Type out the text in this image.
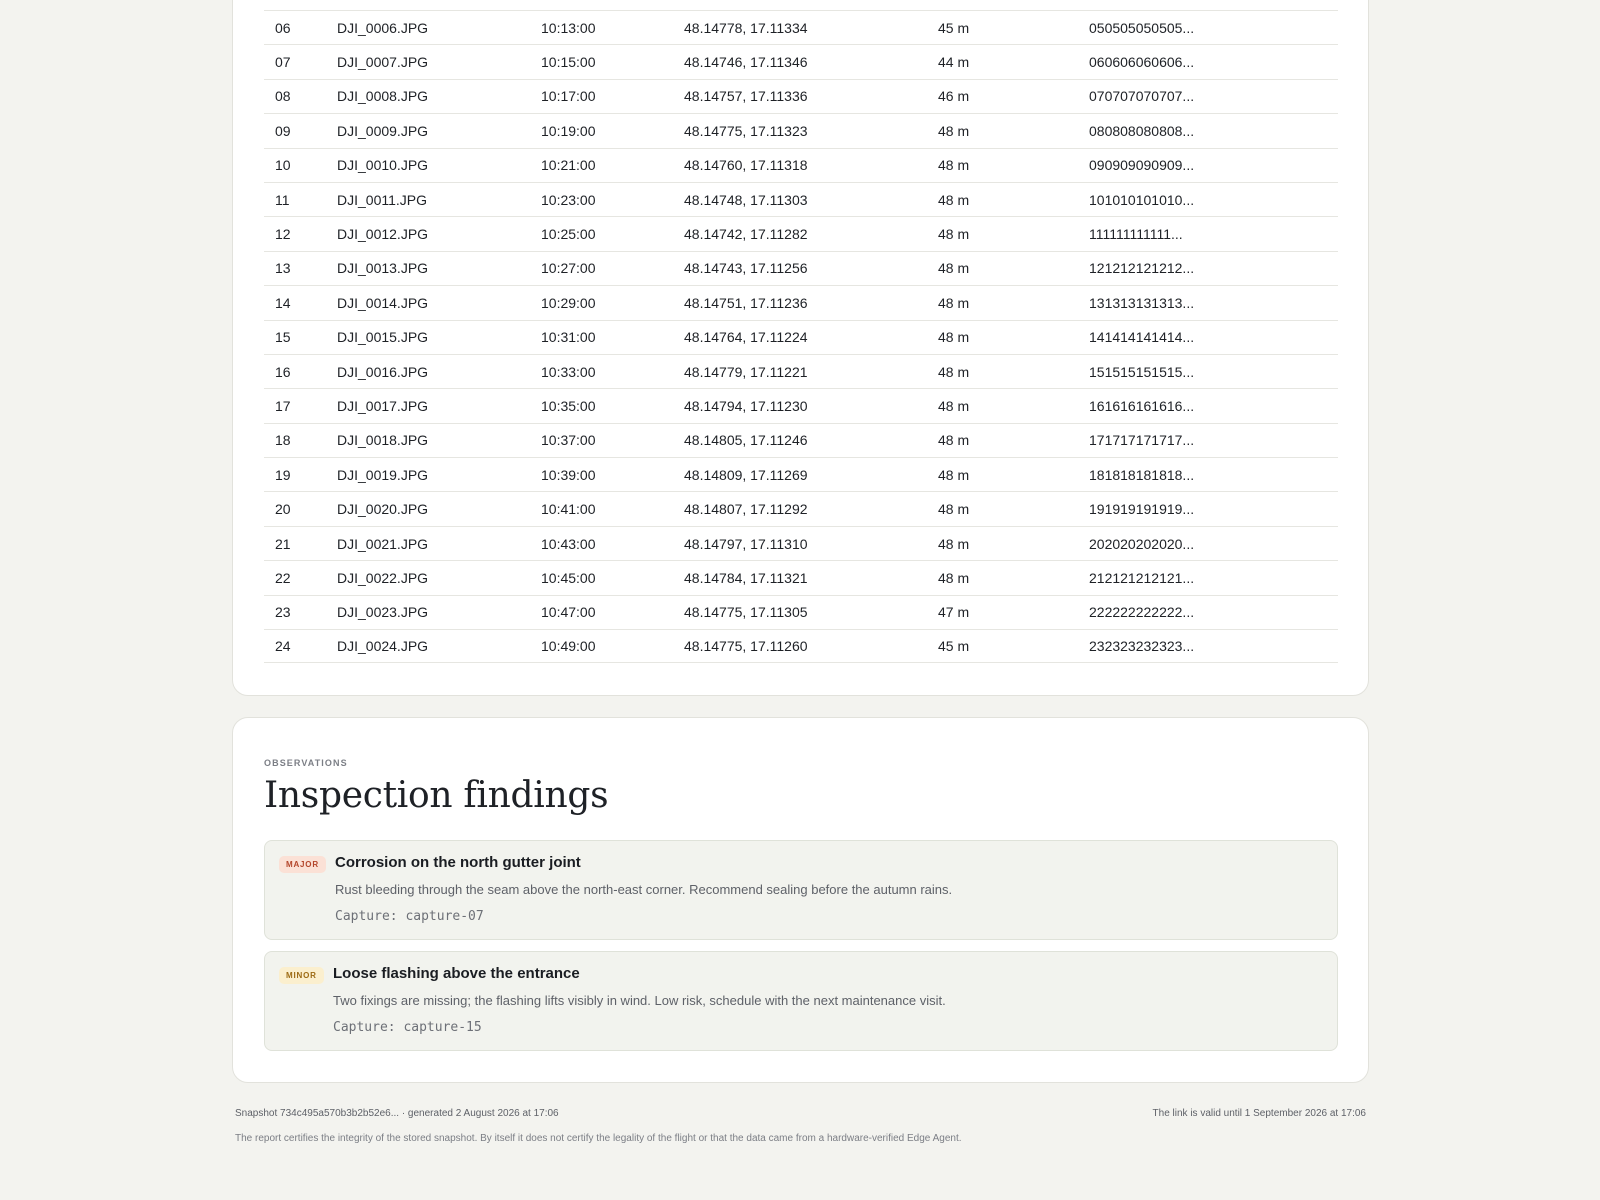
06	DJI_0006.JPG	10:13:00	48.14778, 17.11334	45 m	050505050505...
07	DJI_0007.JPG	10:15:00	48.14746, 17.11346	44 m	060606060606...
08	DJI_0008.JPG	10:17:00	48.14757, 17.11336	46 m	070707070707...
09	DJI_0009.JPG	10:19:00	48.14775, 17.11323	48 m	080808080808...
10	DJI_0010.JPG	10:21:00	48.14760, 17.11318	48 m	090909090909...
11	DJI_0011.JPG	10:23:00	48.14748, 17.11303	48 m	101010101010...
12	DJI_0012.JPG	10:25:00	48.14742, 17.11282	48 m	111111111111...
13	DJI_0013.JPG	10:27:00	48.14743, 17.11256	48 m	121212121212...
14	DJI_0014.JPG	10:29:00	48.14751, 17.11236	48 m	131313131313...
15	DJI_0015.JPG	10:31:00	48.14764, 17.11224	48 m	141414141414...
16	DJI_0016.JPG	10:33:00	48.14779, 17.11221	48 m	151515151515...
17	DJI_0017.JPG	10:35:00	48.14794, 17.11230	48 m	161616161616...
18	DJI_0018.JPG	10:37:00	48.14805, 17.11246	48 m	171717171717...
19	DJI_0019.JPG	10:39:00	48.14809, 17.11269	48 m	181818181818...
20	DJI_0020.JPG	10:41:00	48.14807, 17.11292	48 m	191919191919...
21	DJI_0021.JPG	10:43:00	48.14797, 17.11310	48 m	202020202020...
22	DJI_0022.JPG	10:45:00	48.14784, 17.11321	48 m	212121212121...
23	DJI_0023.JPG	10:47:00	48.14775, 17.11305	47 m	222222222222...
24	DJI_0024.JPG	10:49:00	48.14775, 17.11260	45 m	232323232323...
OBSERVATIONS
Inspection findings
MAJOR	Corrosion on the north gutter joint
Rust bleeding through the seam above the north-east corner. Recommend sealing before the autumn rains.
Capture: capture-07
MINOR	Loose flashing above the entrance
Two fixings are missing; the flashing lifts visibly in wind. Low risk, schedule with the next maintenance visit.
Capture: capture-15
Snapshot 734c495a570b3b2b52e6... · generated 2 August 2026 at 17:06	The link is valid until 1 September 2026 at 17:06
The report certifies the integrity of the stored snapshot. By itself it does not certify the legality of the flight or that the data came from a hardware-verified Edge Agent.
